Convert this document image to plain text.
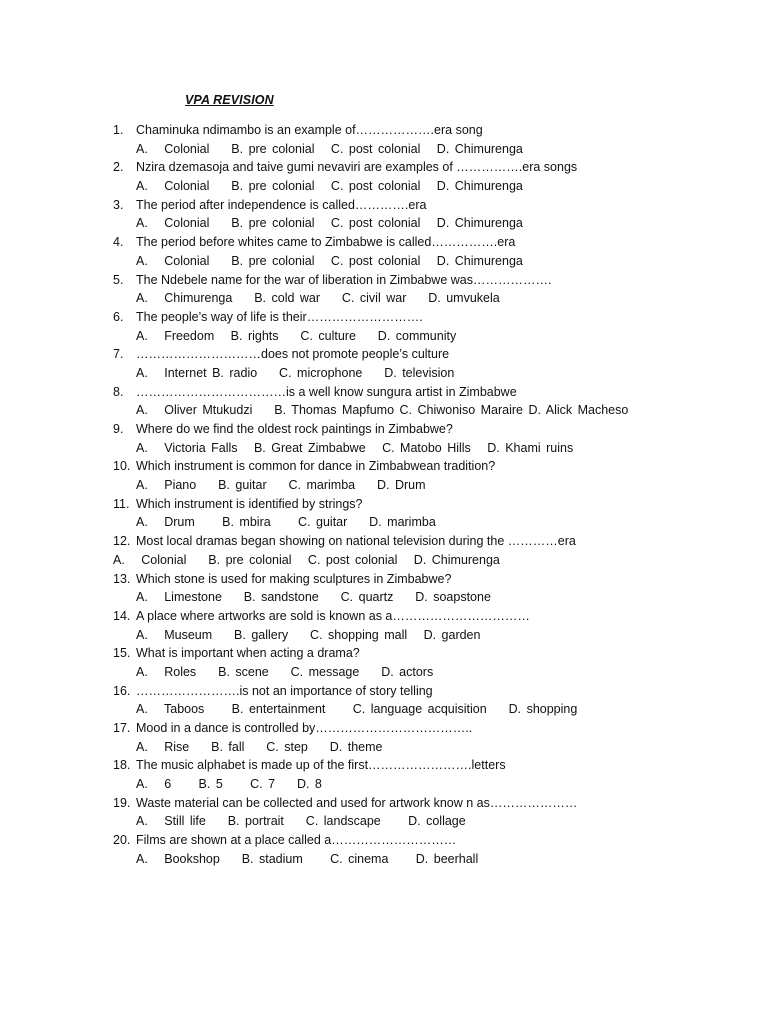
VPA REVISION
1.	Chaminuka ndimambo is an example of……………….era song
A.   Colonial    B. pre colonial   C. post colonial   D. Chimurenga
2.	Nzira dzemasoja and taive gumi nevaviri are examples of …………….era songs
A.   Colonial    B. pre colonial   C. post colonial   D. Chimurenga
3.	The period after independence is called………….era
A.   Colonial    B. pre colonial   C. post colonial   D. Chimurenga
4.	The period before whites came to Zimbabwe is called…………….era
A.   Colonial    B. pre colonial   C. post colonial   D. Chimurenga
5.	The Ndebele name for the war of liberation in Zimbabwe was……………….
A.   Chimurenga    B. cold war    C. civil war    D. umvukela
6.	The people’s way of life is their……………………….
A.   Freedom   B. rights    C. culture    D. community
7.	…………………………does not promote people’s culture
A.   Internet B. radio    C. microphone    D. television
8.	………………………………is a well know sungura artist in Zimbabwe
A.   Oliver Mtukudzi    B. Thomas Mapfumo C. Chiwoniso Maraire D. Alick Macheso
9.	Where do we find the oldest rock paintings in Zimbabwe?
A.   Victoria Falls   B. Great Zimbabwe   C. Matobo Hills   D. Khami ruins
10. Which instrument is common for dance in Zimbabwean tradition?
A.   Piano    B. guitar    C. marimba    D. Drum
11. Which instrument is identified by strings?
A.   Drum     B. mbira     C. guitar    D. marimba
12. Most local dramas began showing on national television during the …………era
A.   Colonial    B. pre colonial   C. post colonial   D. Chimurenga
13. Which stone is used for making sculptures in Zimbabwe?
A.   Limestone    B. sandstone    C. quartz    D. soapstone
14. A place where artworks are sold is known as a……………………………
A.   Museum    B. gallery    C. shopping mall   D. garden
15. What is important when acting a drama?
A.   Roles    B. scene    C. message    D. actors
16. …………………….is not an importance of story telling
A.   Taboos     B. entertainment     C. language acquisition    D. shopping
17. Mood in a dance is controlled by………………………………..
A.   Rise    B. fall    C. step    D. theme
18. The music alphabet is made up of the first…………………….letters
A.   6     B. 5     C. 7    D. 8
19. Waste material can be collected and used for artwork know n as…………………
A.   Still life    B. portrait    C. landscape     D. collage
20. Films are shown at a place called a…………………………
A.   Bookshop    B. stadium     C. cinema     D. beerhall
